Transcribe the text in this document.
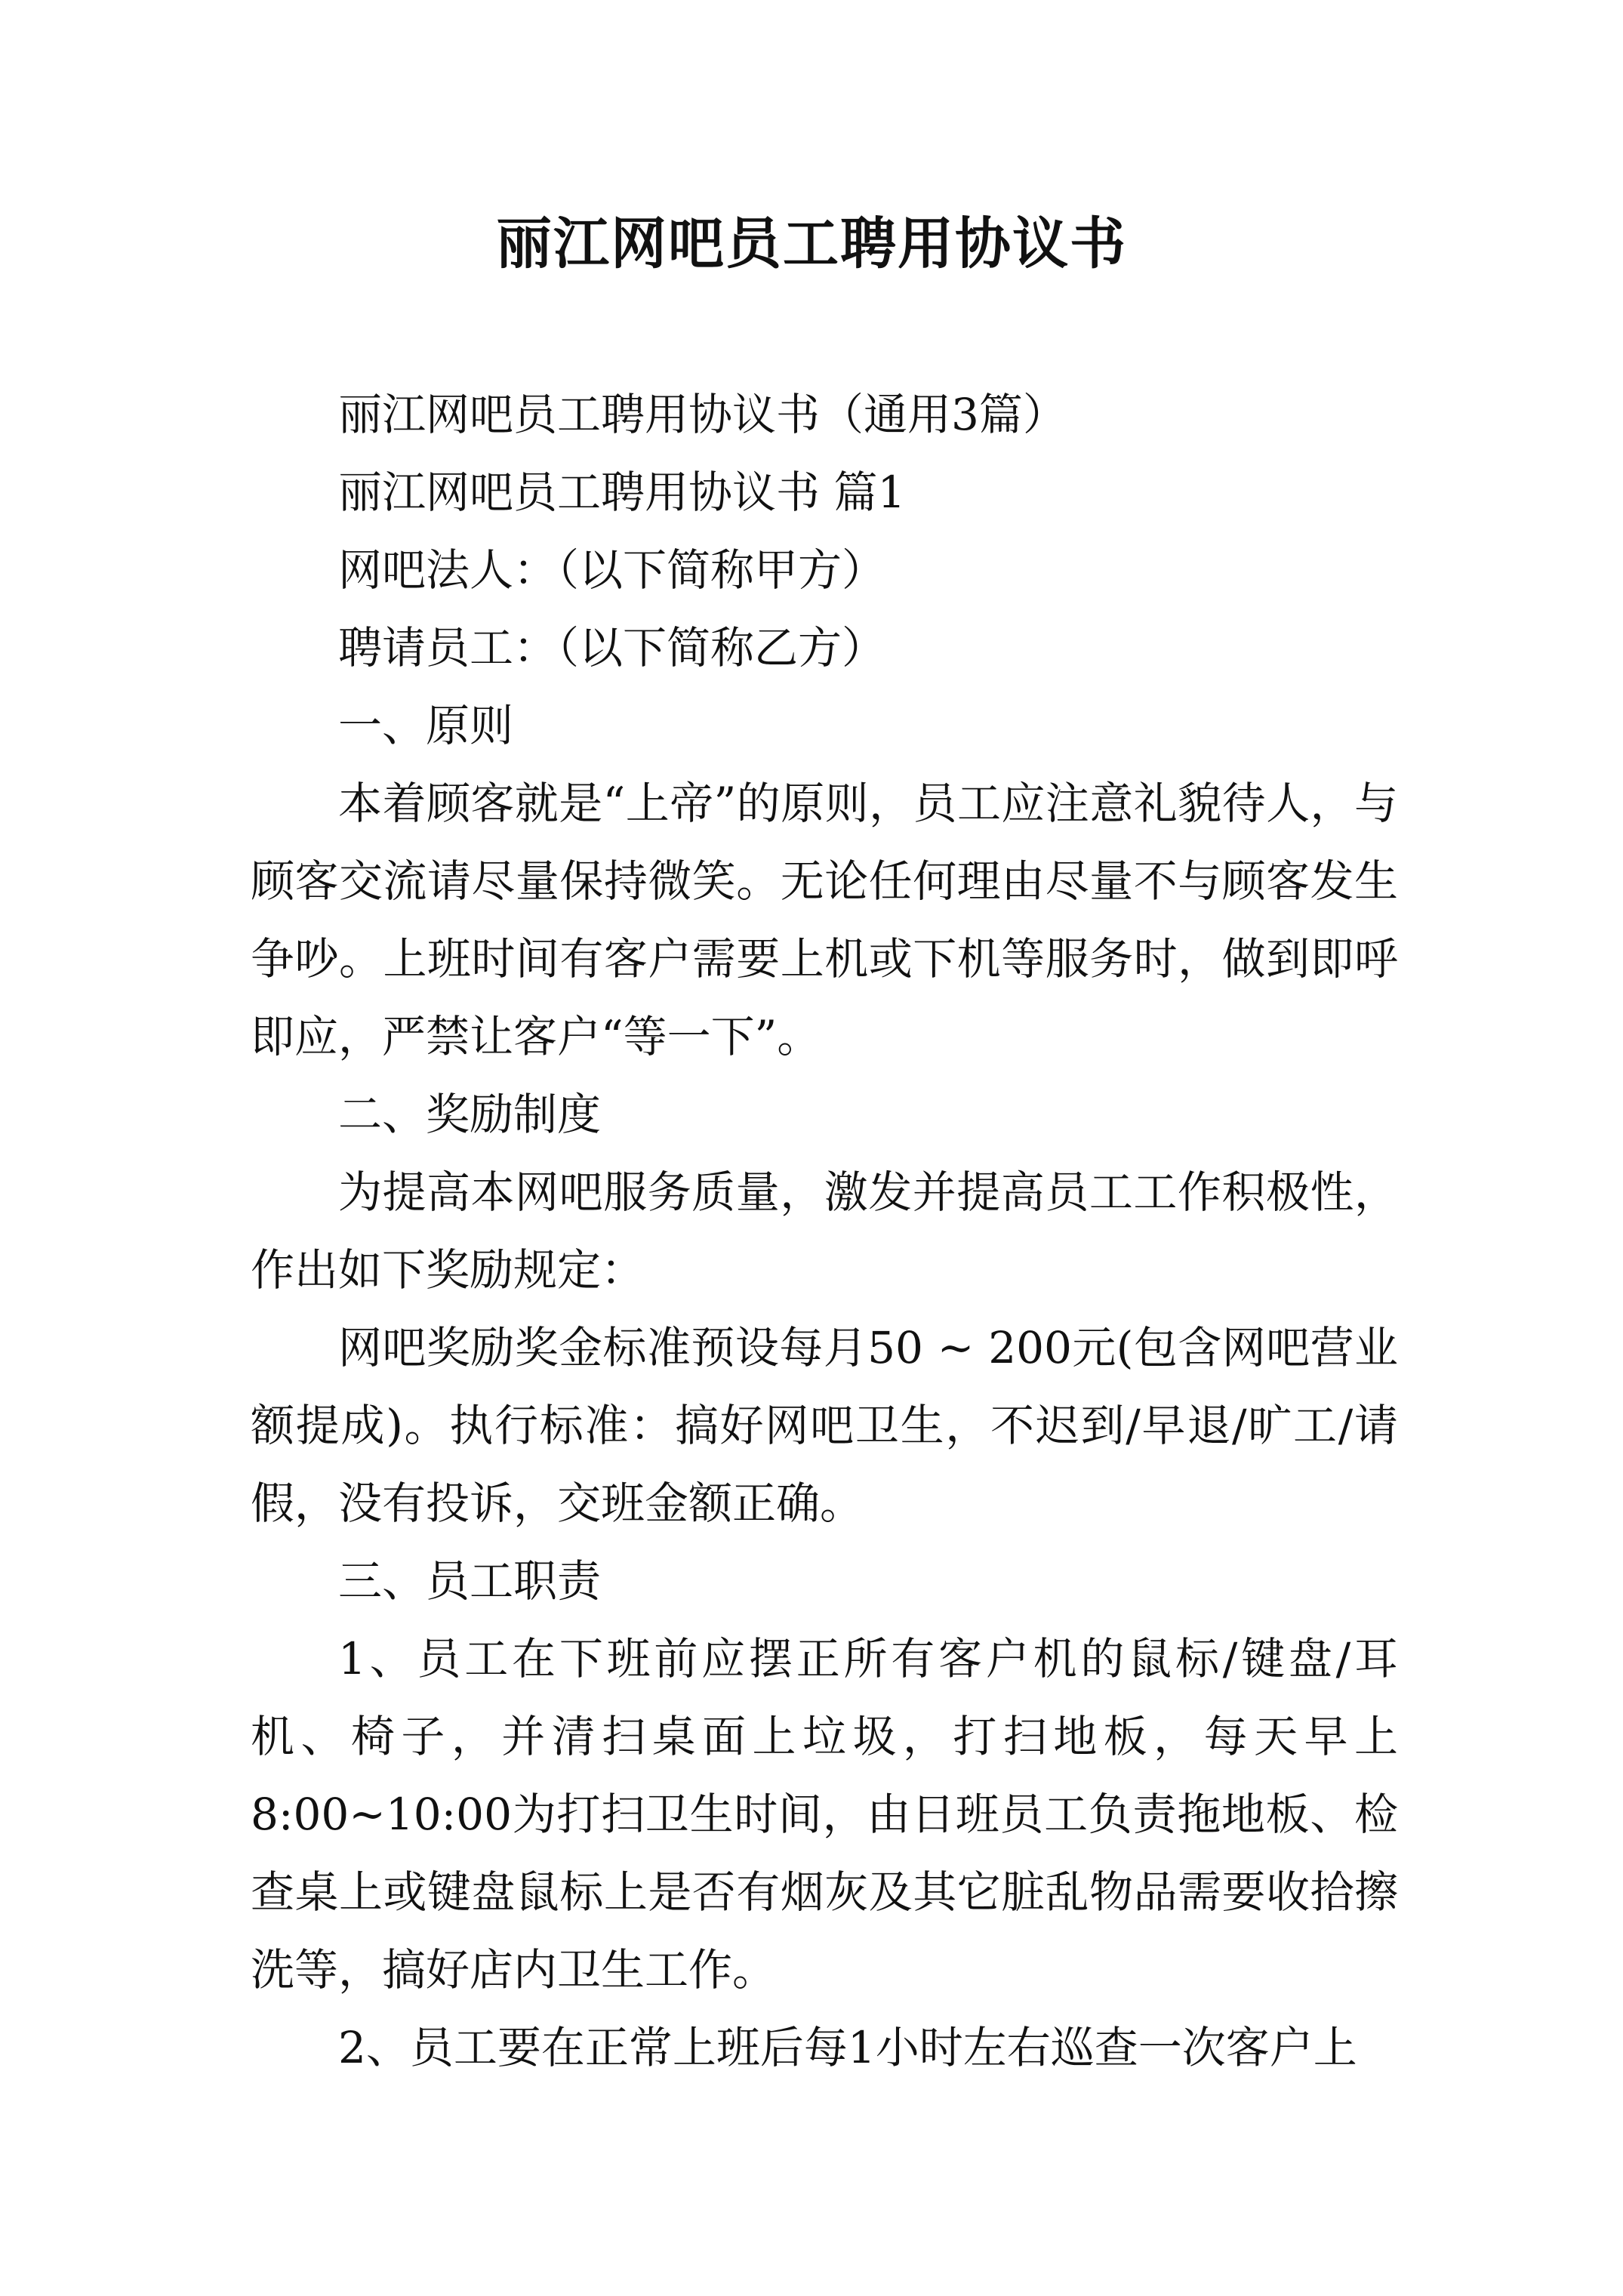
丽江网吧员工聘用协议书

丽江网吧员工聘用协议书（通用3篇）

丽江网吧员工聘用协议书 篇1

网吧法人：（以下简称甲方）

聘请员工：（以下简称乙方）

一、原则

本着顾客就是“上帝”的原则，员工应注意礼貌待人，与顾客交流请尽量保持微笑。无论任何理由尽量不与顾客发生争吵。上班时间有客户需要上机或下机等服务时，做到即呼即应，严禁让客户“等一下”。

二、奖励制度

为提高本网吧服务质量，激发并提高员工工作积极性，作出如下奖励规定：

网吧奖励奖金标准预设每月50 ~ 200元(包含网吧营业额提成)。执行标准：搞好网吧卫生，不迟到/早退/旷工/请假，没有投诉，交班金额正确。

三、员工职责

1、员工在下班前应摆正所有客户机的鼠标/键盘/耳机、椅子，并清扫桌面上垃圾，打扫地板，每天早上8:00~10:00为打扫卫生时间，由日班员工负责拖地板、检查桌上或键盘鼠标上是否有烟灰及其它脏乱物品需要收拾擦洗等，搞好店内卫生工作。

2、员工要在正常上班后每1小时左右巡查一次客户上
